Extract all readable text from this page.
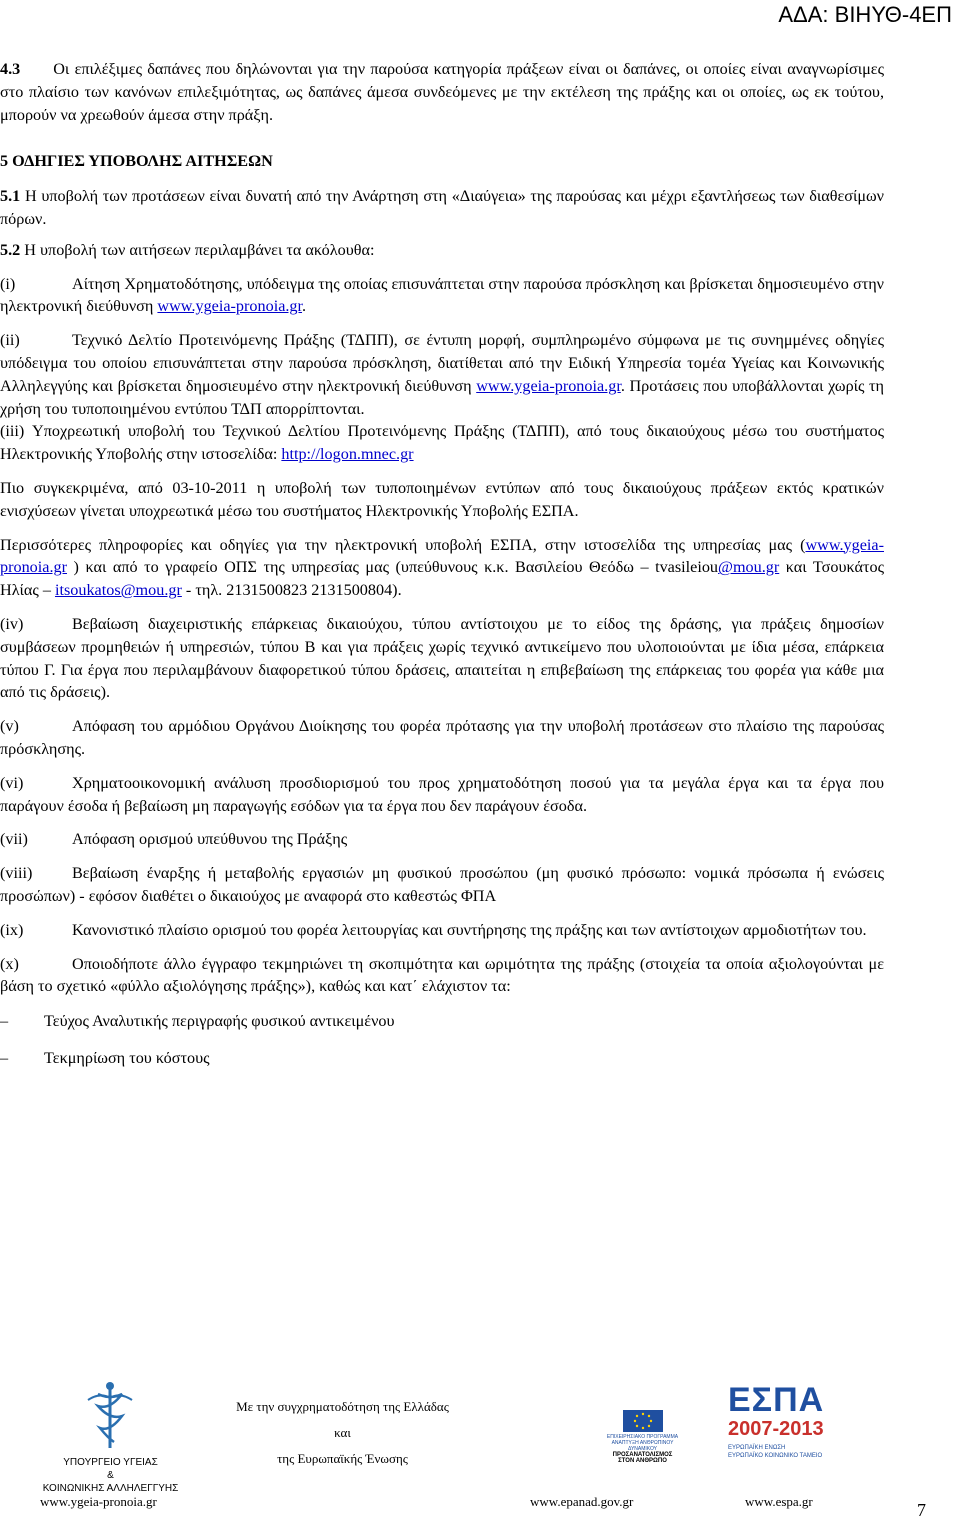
ΑΔΑ: ΒΙΗΥΘ-4ΕΠ

4.3 Οι επιλέξιμες δαπάνες που δηλώνονται για την παρούσα κατηγορία πράξεων είναι οι δαπάνες, οι οποίες είναι αναγνωρίσιμες στο πλαίσιο των κανόνων επιλεξιμότητας, ως δαπάνες άμεσα συνδεόμενες με την εκτέλεση της πράξης και οι οποίες, ως εκ τούτου, μπορούν να χρεωθούν άμεσα στην πράξη.

5 ΟΔΗΓΙΕΣ ΥΠΟΒΟΛΗΣ ΑΙΤΗΣΕΩΝ

5.1 Η υποβολή των προτάσεων είναι δυνατή από την Ανάρτηση στη «Διαύγεια» της παρούσας και μέχρι εξαντλήσεως των διαθεσίμων πόρων.

5.2 Η υποβολή των αιτήσεων περιλαμβάνει τα ακόλουθα:

(i)	Αίτηση Χρηματοδότησης, υπόδειγμα της οποίας επισυνάπτεται στην παρούσα πρόσκληση και βρίσκεται δημοσιευμένο στην ηλεκτρονική διεύθυνση www.ygeia-pronoia.gr.

(ii)	Τεχνικό Δελτίο Προτεινόμενης Πράξης (ΤΔΠΠ), σε έντυπη μορφή, συμπληρωμένο σύμφωνα με τις συνημμένες οδηγίες υπόδειγμα του οποίου επισυνάπτεται στην παρούσα πρόσκληση, διατίθεται από την Ειδική Υπηρεσία τομέα Υγείας και Κοινωνικής Αλληλεγγύης και βρίσκεται δημοσιευμένο στην ηλεκτρονική διεύθυνση www.ygeia-pronoia.gr. Προτάσεις που υποβάλλονται χωρίς τη χρήση του τυποποιημένου εντύπου ΤΔΠ απορρίπτονται.

(iii) Υποχρεωτική υποβολή του Τεχνικού Δελτίου Προτεινόμενης Πράξης (ΤΔΠΠ), από τους δικαιούχους μέσω του συστήματος Ηλεκτρονικής Υποβολής στην ιστοσελίδα: http://logon.mnec.gr

Πιο συγκεκριμένα, από 03-10-2011 η υποβολή των τυποποιημένων εντύπων από τους δικαιούχους πράξεων εκτός κρατικών ενισχύσεων γίνεται υποχρεωτικά μέσω του συστήματος Ηλεκτρονικής Υποβολής ΕΣΠΑ.

Περισσότερες πληροφορίες και οδηγίες για την ηλεκτρονική υποβολή ΕΣΠΑ, στην ιστοσελίδα της υπηρεσίας μας (www.ygeia-pronoia.gr ) και από το γραφείο ΟΠΣ της υπηρεσίας μας (υπεύθυνους κ.κ. Βασιλείου Θεόδω – tvasileiou@mou.gr και Τσουκάτος Ηλίας – itsoukatos@mou.gr - τηλ. 2131500823 2131500804).

(iv)	Βεβαίωση διαχειριστικής επάρκειας δικαιούχου, τύπου αντίστοιχου με το είδος της δράσης, για πράξεις δημοσίων συμβάσεων προμηθειών ή υπηρεσιών, τύπου Β και για πράξεις χωρίς τεχνικό αντικείμενο που υλοποιούνται με ίδια μέσα, επάρκεια τύπου Γ. Για έργα που περιλαμβάνουν διαφορετικού τύπου δράσεις, απαιτείται η επιβεβαίωση της επάρκειας του φορέα για κάθε μια από τις δράσεις).

(v)	Απόφαση του αρμόδιου Οργάνου Διοίκησης του φορέα πρότασης για την υποβολή προτάσεων στο πλαίσιο της παρούσας πρόσκλησης.

(vi)	Χρηματοοικονομική ανάλυση προσδιορισμού του προς χρηματοδότηση ποσού για τα μεγάλα έργα και τα έργα που παράγουν έσοδα ή βεβαίωση μη παραγωγής εσόδων για τα έργα που δεν παράγουν έσοδα.

(vii)	Απόφαση ορισμού υπεύθυνου της Πράξης

(viii) Βεβαίωση έναρξης ή μεταβολής εργασιών μη φυσικού προσώπου (μη φυσικό πρόσωπο: νομικά πρόσωπα ή ενώσεις προσώπων) - εφόσον διαθέτει ο δικαιούχος με αναφορά στο καθεστώς ΦΠΑ

(ix)	Κανονιστικό πλαίσιο ορισμού του φορέα λειτουργίας και συντήρησης της πράξης και των αντίστοιχων αρμοδιοτήτων του.

(x)	Οποιοδήποτε άλλο έγγραφο τεκμηριώνει τη σκοπιμότητα και ωριμότητα της πράξης (στοιχεία τα οποία αξιολογούνται με βάση το σχετικό «φύλλο αξιολόγησης πράξης»), καθώς και κατ΄ ελάχιστον τα:

–	Τεύχος Αναλυτικής περιγραφής φυσικού αντικειμένου
–	Τεκμηρίωση του κόστους
ΥΠΟΥΡΓΕΙΟ ΥΓΕΙΑΣ
&
ΚΟΙΝΩΝΙΚΗΣ ΑΛΛΗΛΕΓΓΥΗΣ
Με την συγχρηματοδότηση της Ελλάδας
και
της Ευρωπαϊκής Ένωσης
ΕΠΙΧΕΙΡΗΣΙΑΚΟ ΠΡΟΓΡΑΜΜΑ
ΑΝΑΠΤΥΞΗ ΑΝΘΡΩΠΙΝΟΥ ΔΥΝΑΜΙΚΟΥ
ΠΡΟΣΑΝΑΤΟΛΙΣΜΟΣ
ΣΤΟΝ ΑΝΘΡΩΠΟ
ΕΣΠΑ
2007-2013
ΕΥΡΩΠΑΪΚΗ ΕΝΩΣΗ
ΕΥΡΩΠΑΪΚΟ ΚΟΙΝΩΝΙΚΟ ΤΑΜΕΙΟ
www.ygeia-pronoia.gr	www.epanad.gov.gr	www.espa.gr	7
